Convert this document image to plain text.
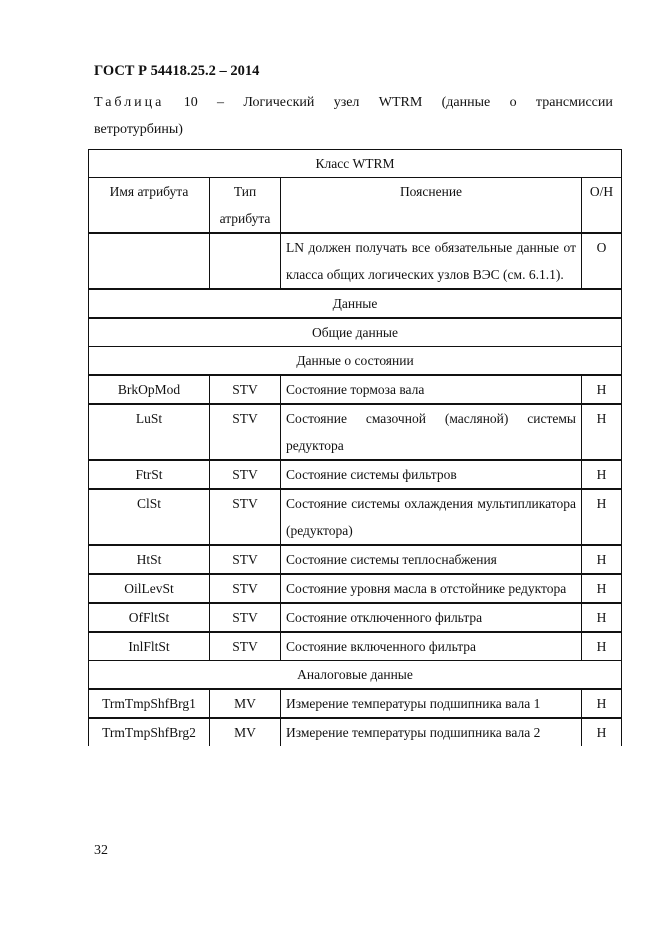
ГОСТ Р 54418.25.2 – 2014
Таблица 10 – Логический узел WTRM (данные о трансмиссии
ветротурбины)
Класс WTRM			
Имя атрибута	Тип атрибута	Пояснение	О/Н
		LN должен получать все обязательные данные от класса общих логических узлов ВЭС (см. 6.1.1).	О
Данные			
Общие данные			
Данные о состоянии			
BrkOpMod	STV	Состояние тормоза вала	Н
LuSt	STV	Состояние смазочной (масляной) системы редуктора	Н
FtrSt	STV	Состояние системы фильтров	Н
ClSt	STV	Состояние системы охлаждения мультипликатора (редуктора)	Н
HtSt	STV	Состояние системы теплоснабжения	Н
OilLevSt	STV	Состояние уровня масла в отстойнике редуктора	Н
OfFltSt	STV	Состояние отключенного фильтра	Н
InlFltSt	STV	Состояние включенного фильтра	Н
Аналоговые данные			
TrmTmpShfBrg1	MV	Измерение температуры подшипника вала 1	Н
TrmTmpShfBrg2	MV	Измерение температуры подшипника вала 2	Н
32
